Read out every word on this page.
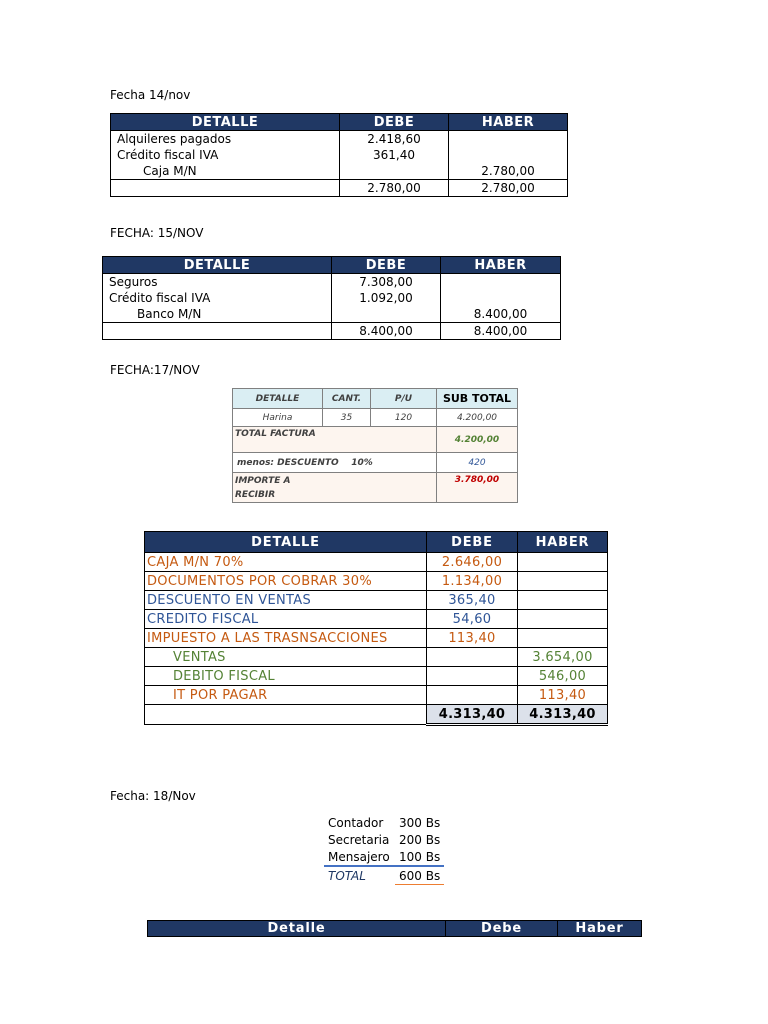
Fecha 14/nov
DETALLE	DEBE	HABER
Alquileres pagados	2.418,60	
Crédito fiscal IVA	361,40	
Caja M/N		2.780,00
	2.780,00	2.780,00
FECHA: 15/NOV
DETALLE	DEBE	HABER
Seguros	7.308,00	
Crédito fiscal IVA	1.092,00	
Banco M/N		8.400,00
	8.400,00	8.400,00
FECHA:17/NOV
DETALLE	CANT.	P/U	SUB TOTAL
Harina	35	120	4.200,00
TOTAL FACTURA			4.200,00
menos: DESCUENTO 10%			420

IMPORTE A
RECIBIR			3.780,00
DETALLE	DEBE	HABER
CAJA M/N 70%	2.646,00	
DOCUMENTOS POR COBRAR 30%	1.134,00	
DESCUENTO EN VENTAS	365,40	
CREDITO FISCAL	54,60	
IMPUESTO A LAS TRASNSACCIONES	113,40	
VENTAS		3.654,00
DEBITO FISCAL		546,00
IT POR PAGAR		113,40
	4.313,40	4.313,40
Fecha: 18/Nov
Contador	300 Bs
Secretaria	200 Bs
Mensajero	100 Bs
TOTAL	600 Bs
Detalle	Debe	Haber
